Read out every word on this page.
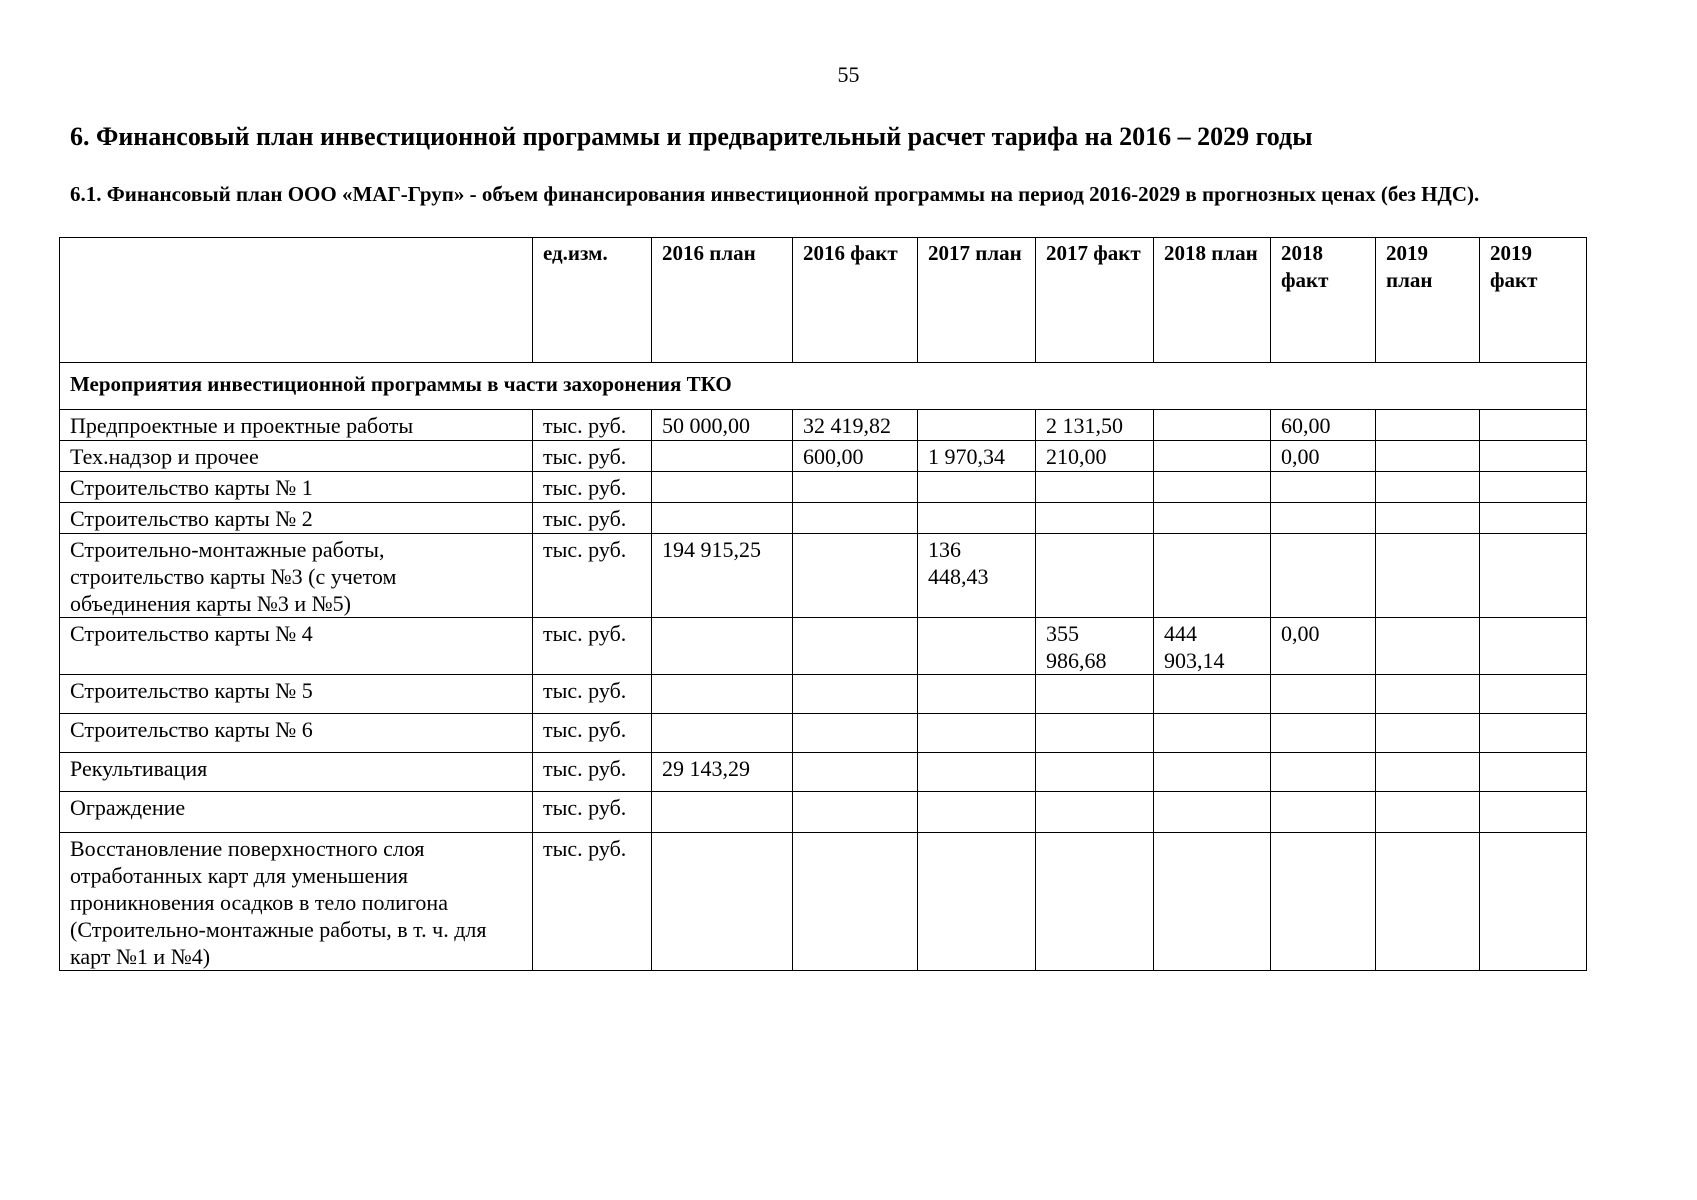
55
6. Финансовый план инвестиционной программы и предварительный расчет тарифа на 2016 – 2029 годы
6.1. Финансовый план ООО «МАГ-Груп» - объем финансирования инвестиционной программы на период 2016-2029 в прогнозных ценах (без НДС).
	ед.изм.	2016 план	2016 факт	2017 план	2017 факт	2018 план	2018 факт	2019 план	2019 факт
Мероприятия инвестиционной программы в части захоронения ТКО									
Предпроектные и проектные работы	тыс. руб.	50 000,00	32 419,82		2 131,50		60,00		
Тех.надзор и прочее	тыс. руб.		600,00	1 970,34	210,00		0,00		
Строительство карты № 1	тыс. руб.								
Строительство карты № 2	тыс. руб.								
Строительно-монтажные работы, строительство карты №3 (с учетом объединения карты №3 и №5)	тыс. руб.	194 915,25		136 448,43					
Строительство карты № 4	тыс. руб.				355 986,68	444 903,14	0,00		
Строительство карты № 5	тыс. руб.								
Строительство карты № 6	тыс. руб.								
Рекультивация	тыс. руб.	29 143,29							
Ограждение	тыс. руб.								
Восстановление поверхностного слоя отработанных карт для уменьшения проникновения осадков в тело полигона (Строительно-монтажные работы, в т. ч. для карт №1 и №4)	тыс. руб.								
